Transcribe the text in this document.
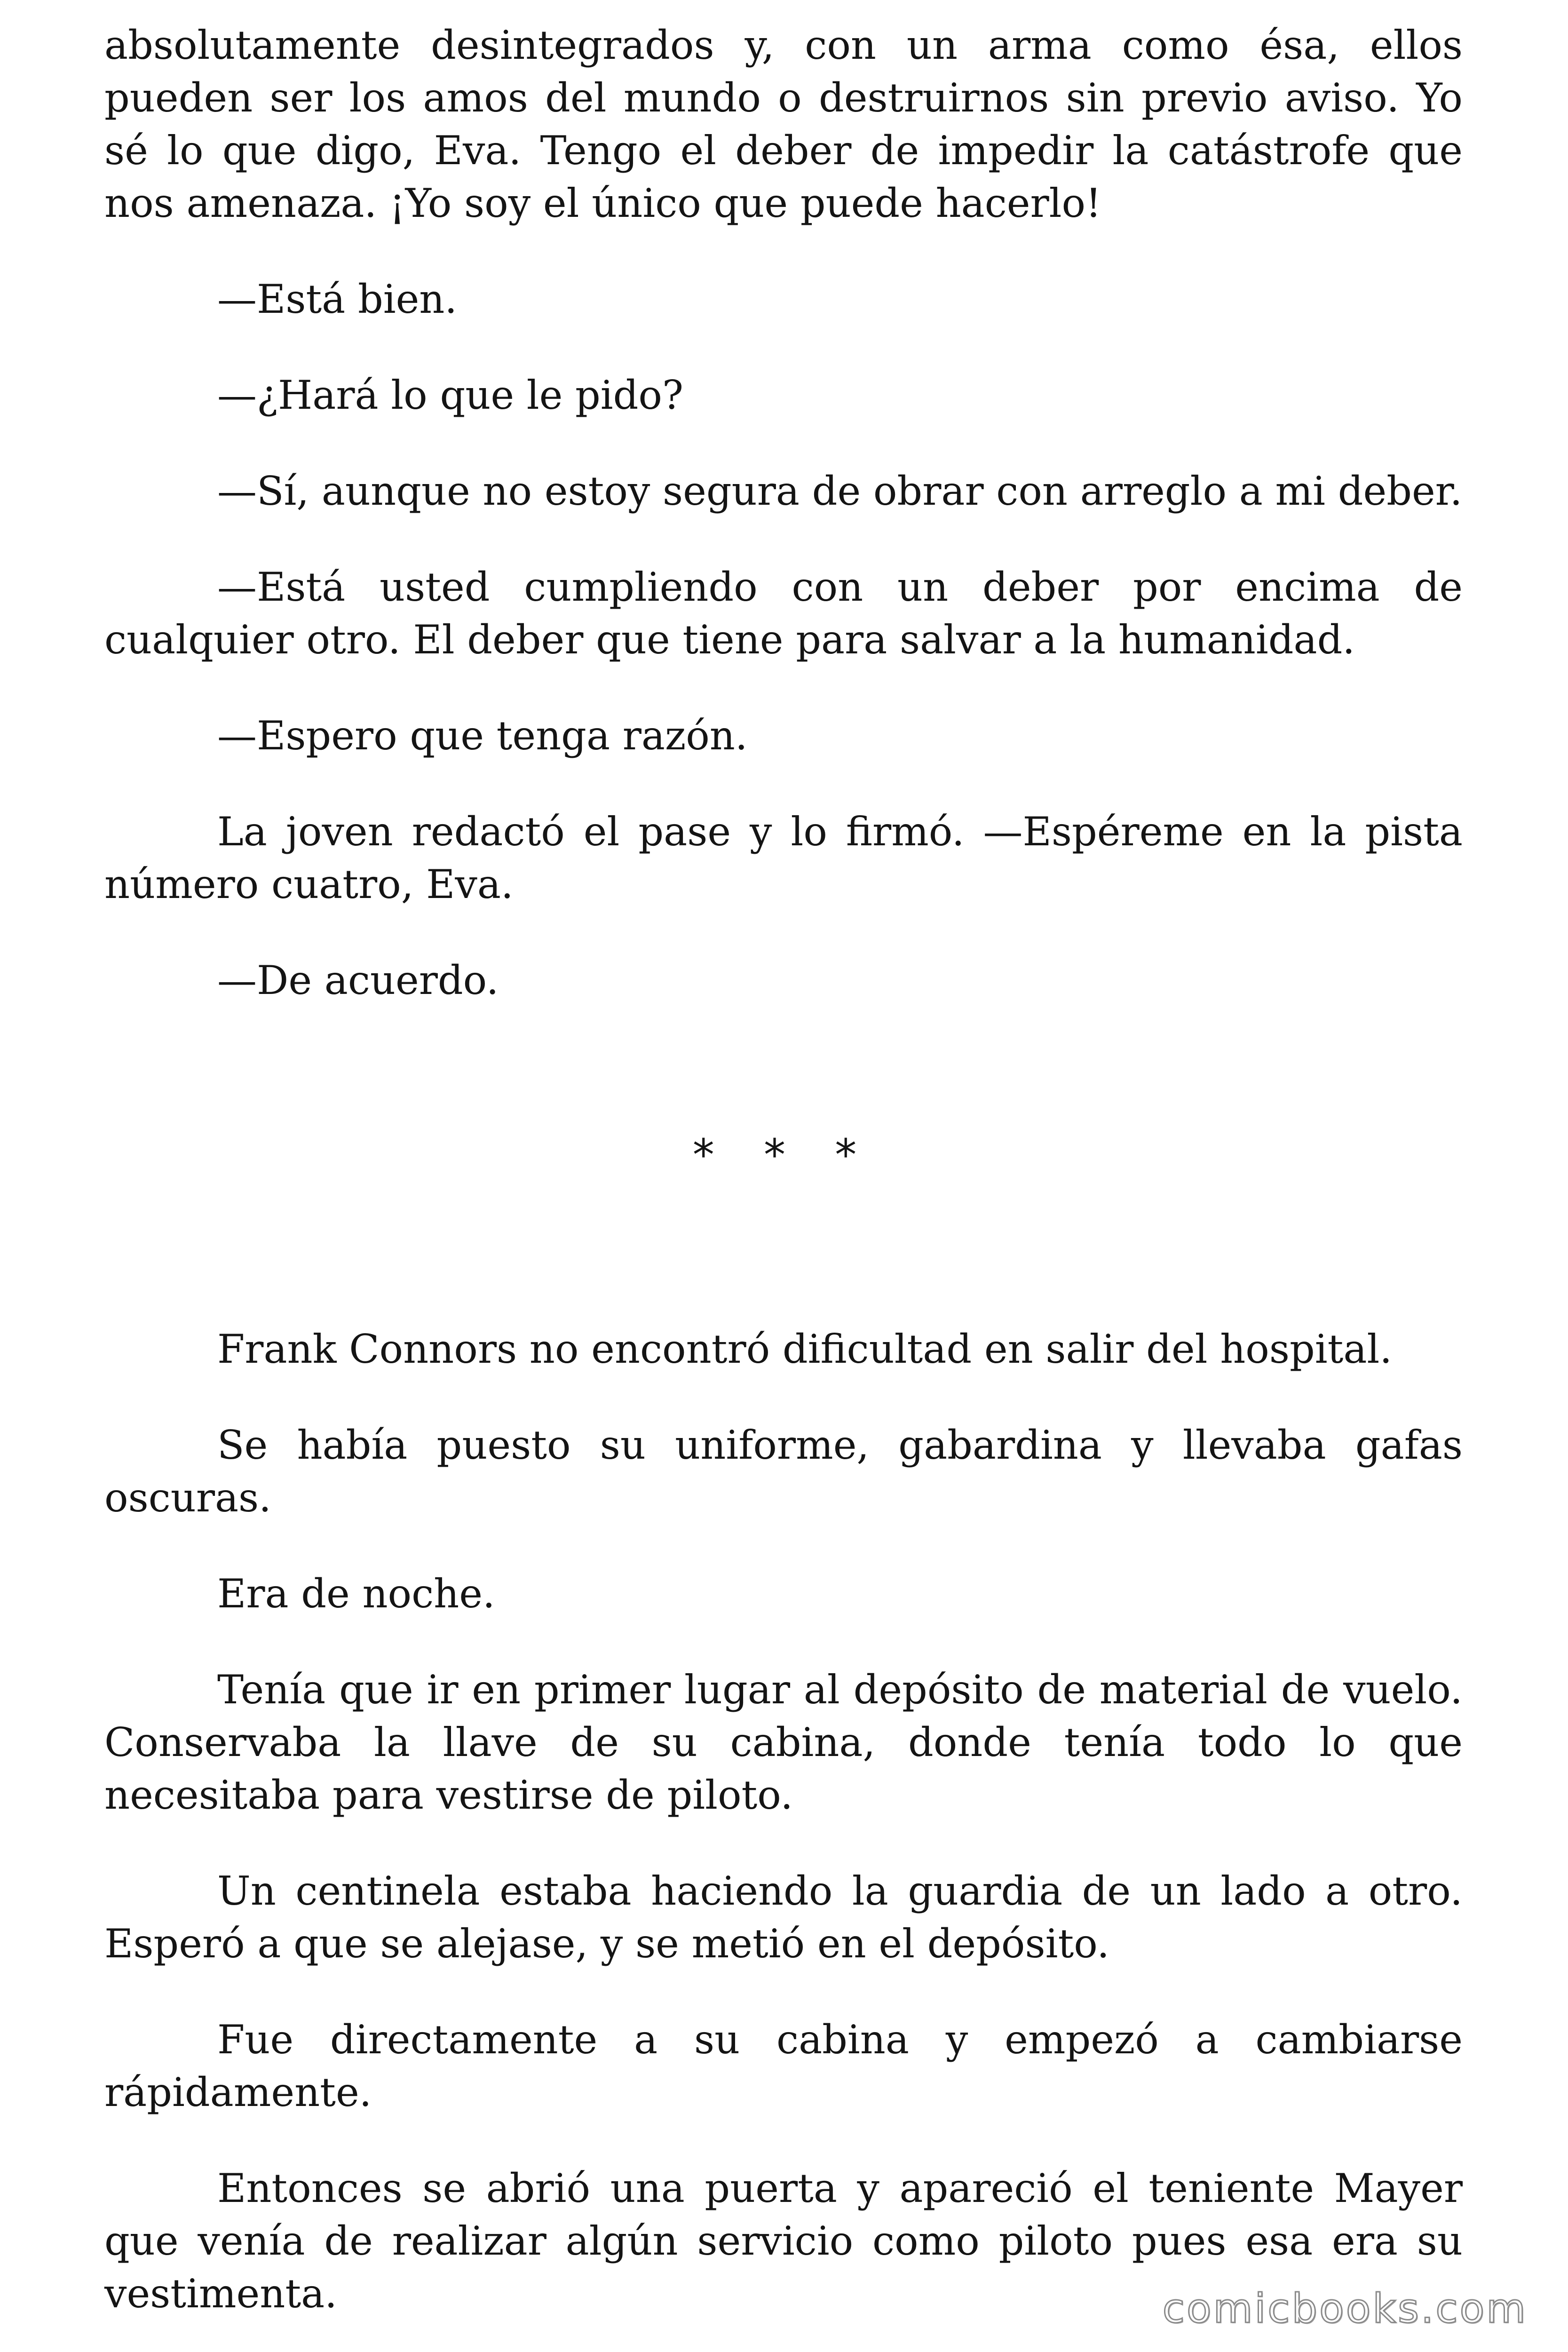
absolutamente desintegrados y, con un arma como ésa, ellos pueden ser los amos del mundo o destruirnos sin previo aviso. Yo sé lo que digo, Eva. Tengo el deber de impedir la catástrofe que nos amenaza. ¡Yo soy el único que puede hacerlo!

—Está bien.

—¿Hará lo que le pido?

—Sí, aunque no estoy segura de obrar con arreglo a mi deber.

—Está usted cumpliendo con un deber por encima de cualquier otro. El deber que tiene para salvar a la humanidad.

—Espero que tenga razón.

La joven redactó el pase y lo firmó. —Espéreme en la pista número cuatro, Eva.

—De acuerdo.

* * *

Frank Connors no encontró dificultad en salir del hospital.

Se había puesto su uniforme, gabardina y llevaba gafas oscuras.

Era de noche.

Tenía que ir en primer lugar al depósito de material de vuelo. Conservaba la llave de su cabina, donde tenía todo lo que necesitaba para vestirse de piloto.

Un centinela estaba haciendo la guardia de un lado a otro. Esperó a que se alejase, y se metió en el depósito.

Fue directamente a su cabina y empezó a cambiarse rápidamente.

Entonces se abrió una puerta y apareció el teniente Mayer que venía de realizar algún servicio como piloto pues esa era su vestimenta.	comicbooks.com
